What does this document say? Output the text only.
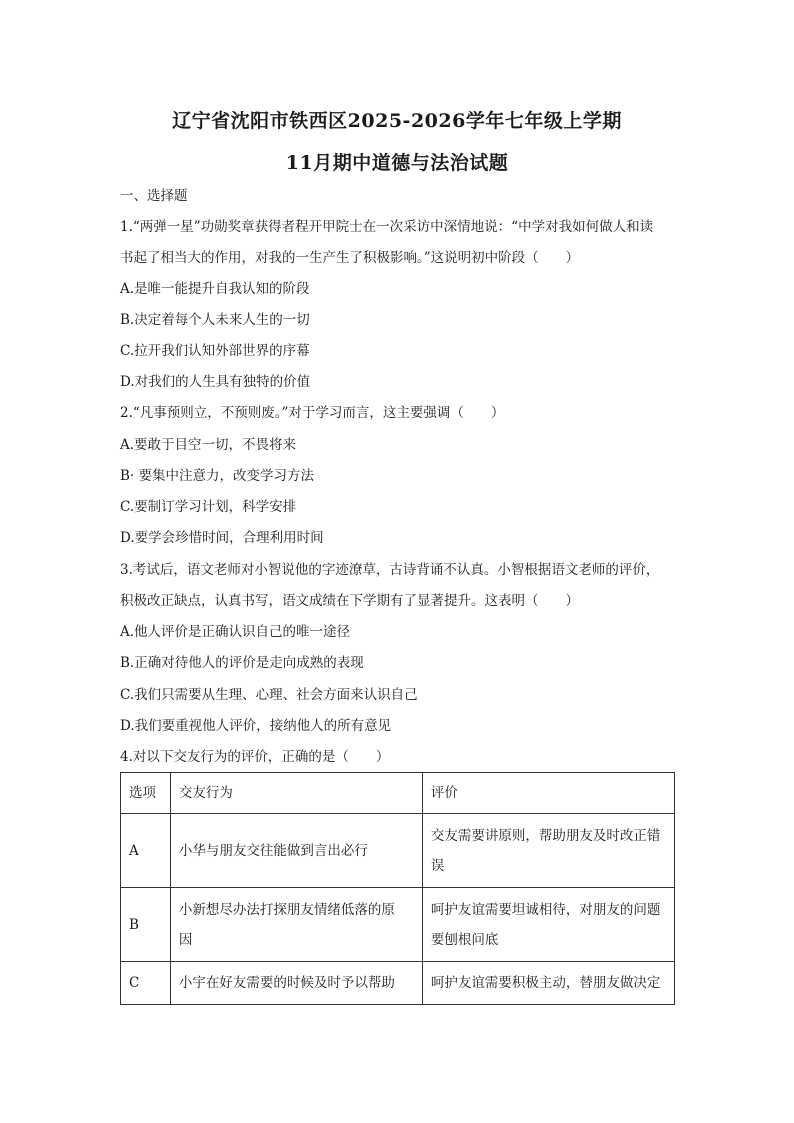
辽宁省沈阳市铁西区2025-2026学年七年级上学期
11月期中道德与法治试题
一、选择题
1.“两弹一星”功勋奖章获得者程开甲院士在一次采访中深情地说：“中学对我如何做人和读
书起了相当大的作用，对我的一生产生了积极影响。”这说明初中阶段（　　）
A.是唯一能提升自我认知的阶段
B.决定着每个人未来人生的一切
C.拉开我们认知外部世界的序幕
D.对我们的人生具有独特的价值
2.“凡事预则立，不预则废。”对于学习而言，这主要强调（　　）
A.要敢于目空一切，不畏将来
B· 要集中注意力，改变学习方法
C.要制订学习计划，科学安排
D.要学会珍惜时间，合理利用时间
3.考试后，语文老师对小智说他的字迹潦草，古诗背诵不认真。小智根据语文老师的评价，
积极改正缺点，认真书写，语文成绩在下学期有了显著提升。这表明（　　）
A.他人评价是正确认识自己的唯一途径
B.正确对待他人的评价是走向成熟的表现
C.我们只需要从生理、心理、社会方面来认识自己
D.我们要重视他人评价，接纳他人的所有意见
4.对以下交友行为的评价，正确的是（　　）
选项	交友行为	评价
A	小华与朋友交往能做到言出必行	交友需要讲原则，帮助朋友及时改正错
误
B	小新想尽办法打探朋友情绪低落的原
因	呵护友谊需要坦诚相待，对朋友的问题
要刨根问底
C	小宇在好友需要的时候及时予以帮助	呵护友谊需要积极主动，替朋友做决定
